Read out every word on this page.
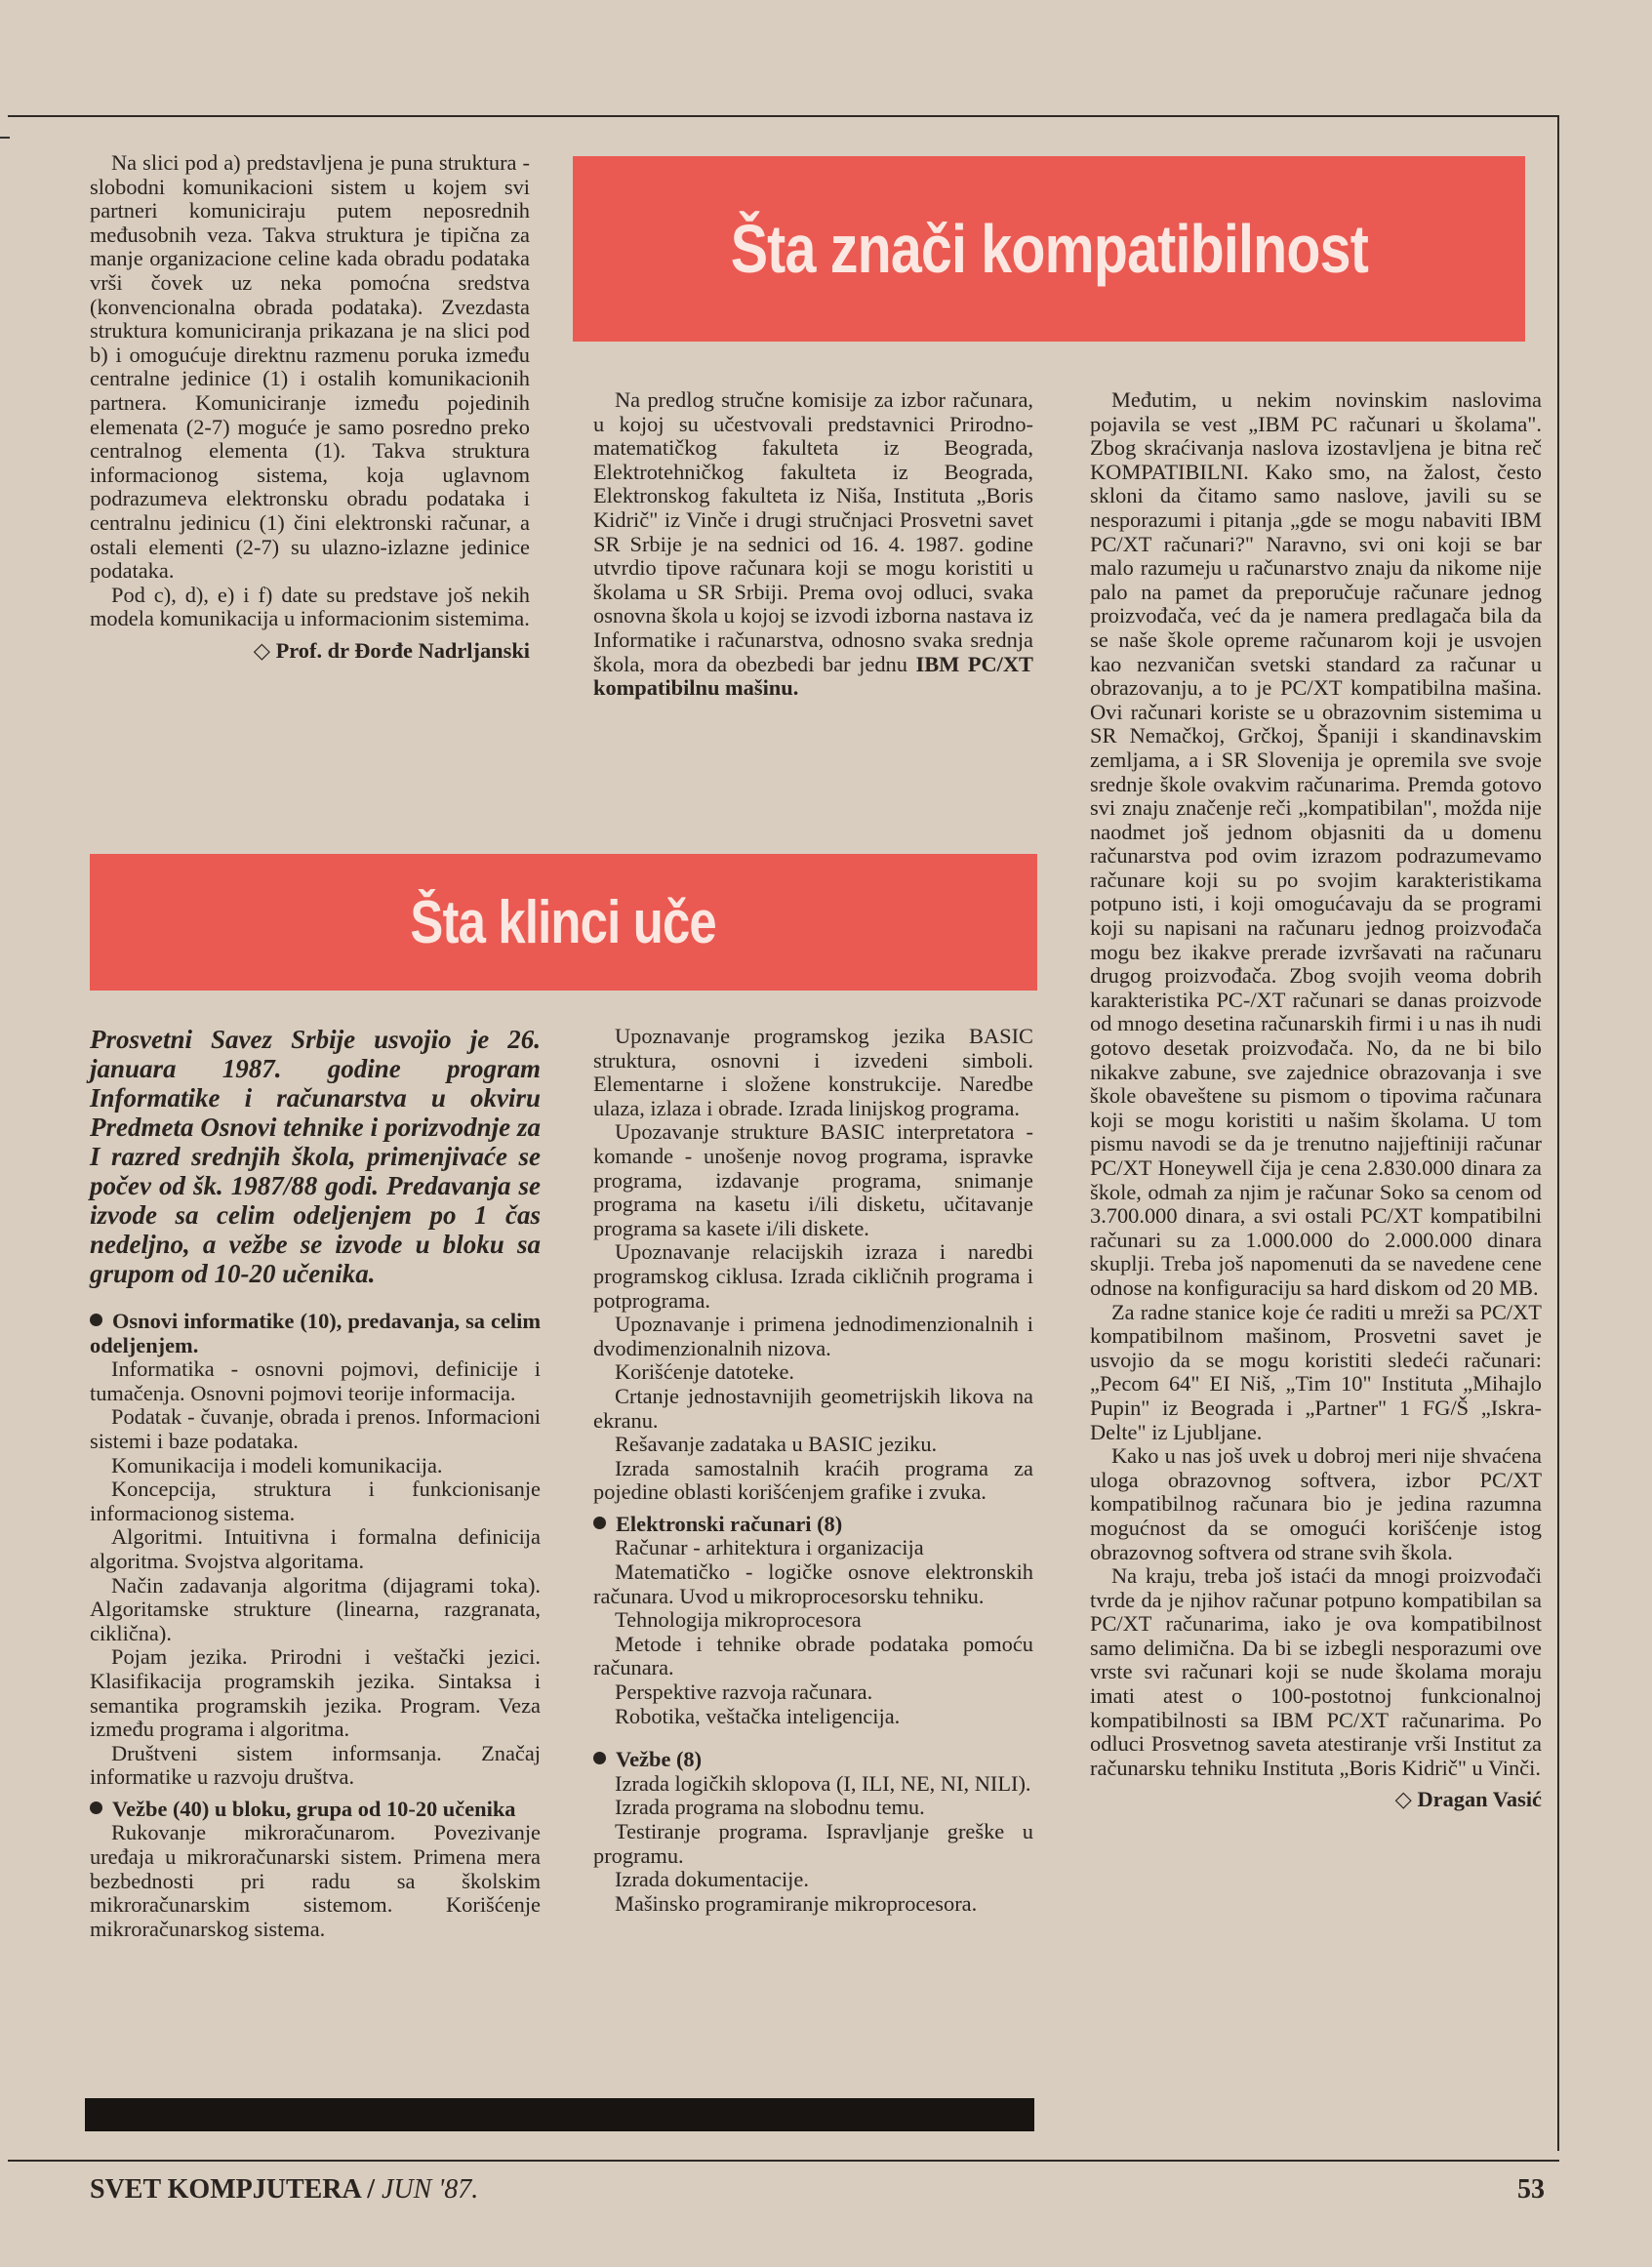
Na slici pod a) predstavljena je puna struktura - slobodni komunikacioni sistem u kojem svi partneri komuniciraju putem neposrednih međusobnih veza. Takva struktura je tipična za manje organizacione celine kada obradu podataka vrši čovek uz neka pomoćna sredstva (konvencionalna obrada podataka). Zvezdasta struktura komuniciranja prikazana je na slici pod b) i omogućuje direktnu razmenu poruka između centralne jedinice (1) i ostalih komunikacionih partnera. Komuniciranje između pojedinih elemenata (2-7) moguće je samo posredno preko centralnog elementa (1). Takva struktura informacionog sistema, koja uglavnom podrazumeva elektronsku obradu podataka i centralnu jedinicu (1) čini elektronski računar, a ostali elementi (2-7) su ulazno-izlazne jedinice podataka.

Pod c), d), e) i f) date su predstave još nekih modela komunikacija u informacionim sistemima.

◇ Prof. dr Đorđe Nadrljanski
Šta znači kompatibilnost

Na predlog stručne komisije za izbor računara, u kojoj su učestvovali predstavnici Prirodno-matematičkog fakulteta iz Beograda, Elektrotehničkog fakulteta iz Beograda, Elektronskog fakulteta iz Niša, Instituta „Boris Kidrič" iz Vinče i drugi stručnjaci Prosvetni savet SR Srbije je na sednici od 16. 4. 1987. godine utvrdio tipove računara koji se mogu koristiti u školama u SR Srbiji. Prema ovoj odluci, svaka osnovna škola u kojoj se izvodi izborna nastava iz Informatike i računarstva, odnosno svaka srednja škola, mora da obezbedi bar jednu IBM PC/XT kompatibilnu mašinu.

Međutim, u nekim novinskim naslovima pojavila se vest „IBM PC računari u školama". Zbog skraćivanja naslova izostavljena je bitna reč KOMPATIBILNI. Kako smo, na žalost, često skloni da čitamo samo naslove, javili su se nesporazumi i pitanja „gde se mogu nabaviti IBM PC/XT računari?" Naravno, svi oni koji se bar malo razumeju u računarstvo znaju da nikome nije palo na pamet da preporučuje računare jednog proizvođača, već da je namera predlagača bila da se naše škole opreme računarom koji je usvojen kao nezvaničan svetski standard za računar u obrazovanju, a to je PC/XT kompatibilna mašina. Ovi računari koriste se u obrazovnim sistemima u SR Nemačkoj, Grčkoj, Španiji i skandinavskim zemljama, a i SR Slovenija je opremila sve svoje srednje škole ovakvim računarima. Premda gotovo svi znaju značenje reči „kompatibilan", možda nije naodmet još jednom objasniti da u domenu računarstva pod ovim izrazom podrazumevamo računare koji su po svojim karakteristikama potpuno isti, i koji omogućavaju da se programi koji su napisani na računaru jednog proizvođača mogu bez ikakve prerade izvršavati na računaru drugog proizvođača. Zbog svojih veoma dobrih karakteristika PC-/XT računari se danas proizvode od mnogo desetina računarskih firmi i u nas ih nudi gotovo desetak proizvođača. No, da ne bi bilo nikakve zabune, sve zajednice obrazovanja i sve škole obaveštene su pismom o tipovima računara koji se mogu koristiti u našim školama. U tom pismu navodi se da je trenutno najjeftiniji računar PC/XT Honeywell čija je cena 2.830.000 dinara za škole, odmah za njim je računar Soko sa cenom od 3.700.000 dinara, a svi ostali PC/XT kompatibilni računari su za 1.000.000 do 2.000.000 dinara skuplji. Treba još napomenuti da se navedene cene odnose na konfiguraciju sa hard diskom od 20 MB.

Za radne stanice koje će raditi u mreži sa PC/XT kompatibilnom mašinom, Prosvetni savet je usvojio da se mogu koristiti sledeći računari: „Pecom 64" EI Niš, „Tim 10" Instituta „Mihajlo Pupin" iz Beograda i „Partner" 1 FG/Š „Iskra-Delte" iz Ljubljane.

Kako u nas još uvek u dobroj meri nije shvaćena uloga obrazovnog softvera, izbor PC/XT kompatibilnog računara bio je jedina razumna mogućnost da se omogući korišćenje istog obrazovnog softvera od strane svih škola.

Na kraju, treba još istaći da mnogi proizvođači tvrde da je njihov računar potpuno kompatibilan sa PC/XT računarima, iako je ova kompatibilnost samo delimična. Da bi se izbegli nesporazumi ove vrste svi računari koji se nude školama moraju imati atest o 100-postotnoj funkcionalnoj kompatibilnosti sa IBM PC/XT računarima. Po odluci Prosvetnog saveta atestiranje vrši Institut za računarsku tehniku Instituta „Boris Kidrič" u Vinči.

◇ Dragan Vasić
Šta klinci uče
Prosvetni Savez Srbije usvojio je 26. januara 1987. godine program Informatike i računarstva u okviru Predmeta Osnovi tehnike i porizvodnje za I razred srednjih škola, primenjivaće se počev od šk. 1987/88 godi. Predavanja se izvode sa celim odeljenjem po 1 čas nedeljno, a vežbe se izvode u bloku sa grupom od 10-20 učenika.

Osnovi informatike (10), predavanja, sa celim odeljenjem.

Informatika - osnovni pojmovi, definicije i tumačenja. Osnovni pojmovi teorije informacija.

Podatak - čuvanje, obrada i prenos. Informacioni sistemi i baze podataka.

Komunikacija i modeli komunikacija.

Koncepcija, struktura i funkcionisanje informacionog sistema.

Algoritmi. Intuitivna i formalna definicija algoritma. Svojstva algoritama.

Način zadavanja algoritma (dijagrami toka). Algoritamske strukture (linearna, razgranata, ciklična).

Pojam jezika. Prirodni i veštački jezici. Klasifikacija programskih jezika. Sintaksa i semantika programskih jezika. Program. Veza između programa i algoritma.

Društveni sistem informsanja. Značaj informatike u razvoju društva.

Vežbe (40) u bloku, grupa od 10-20 učenika

Rukovanje mikroračunarom. Povezivanje uređaja u mikroračunarski sistem. Primena mera bezbednosti pri radu sa školskim mikroračunarskim sistemom. Korišćenje mikroračunarskog sistema.

Upoznavanje programskog jezika BASIC struktura, osnovni i izvedeni simboli. Elementarne i složene konstrukcije. Naredbe ulaza, izlaza i obrade. Izrada linijskog programa.

Upozavanje strukture BASIC interpretatora - komande - unošenje novog programa, ispravke programa, izdavanje programa, snimanje programa na kasetu i/ili disketu, učitavanje programa sa kasete i/ili diskete.

Upoznavanje relacijskih izraza i naredbi programskog ciklusa. Izrada cikličnih programa i potprograma.

Upoznavanje i primena jednodimenzionalnih i dvodimenzionalnih nizova.

Korišćenje datoteke.

Crtanje jednostavnijih geometrijskih likova na ekranu.

Rešavanje zadataka u BASIC jeziku.

Izrada samostalnih kraćih programa za pojedine oblasti korišćenjem grafike i zvuka.

Elektronski računari (8)

Računar - arhitektura i organizacija

Matematičko - logičke osnove elektronskih računara. Uvod u mikroprocesorsku tehniku.

Tehnologija mikroprocesora

Metode i tehnike obrade podataka pomoću računara.

Perspektive razvoja računara.

Robotika, veštačka inteligencija.

Vežbe (8)

Izrada logičkih sklopova (I, ILI, NE, NI, NILI).

Izrada programa na slobodnu temu.

Testiranje programa. Ispravljanje greške u programu.

Izrada dokumentacije.

Mašinsko programiranje mikroprocesora.

SVET KOMPJUTERA / JUN '87.	53
